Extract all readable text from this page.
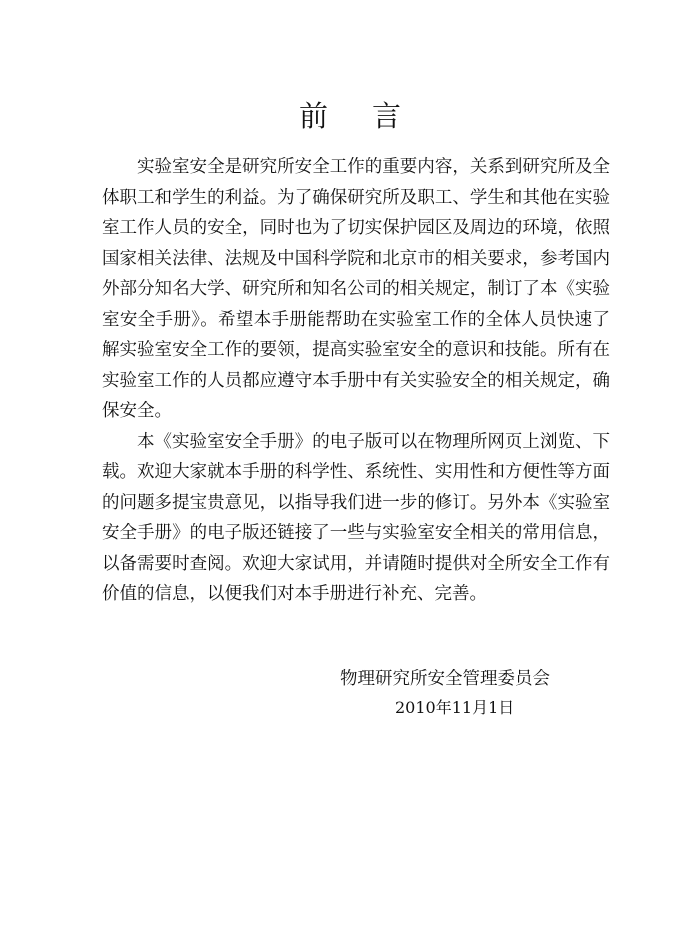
前 言

实验室安全是研究所安全工作的重要内容，关系到研究所及全体职工和学生的利益。为了确保研究所及职工、学生和其他在实验室工作人员的安全，同时也为了切实保护园区及周边的环境，依照国家相关法律、法规及中国科学院和北京市的相关要求，参考国内外部分知名大学、研究所和知名公司的相关规定，制订了本《实验室安全手册》。希望本手册能帮助在实验室工作的全体人员快速了解实验室安全工作的要领，提高实验室安全的意识和技能。所有在实验室工作的人员都应遵守本手册中有关实验安全的相关规定，确保安全。

本《实验室安全手册》的电子版可以在物理所网页上浏览、下载。欢迎大家就本手册的科学性、系统性、实用性和方便性等方面的问题多提宝贵意见，以指导我们进一步的修订。另外本《实验室安全手册》的电子版还链接了一些与实验室安全相关的常用信息，以备需要时查阅。欢迎大家试用，并请随时提供对全所安全工作有价值的信息，以便我们对本手册进行补充、完善。

物理研究所安全管理委员会
2010年11月1日
